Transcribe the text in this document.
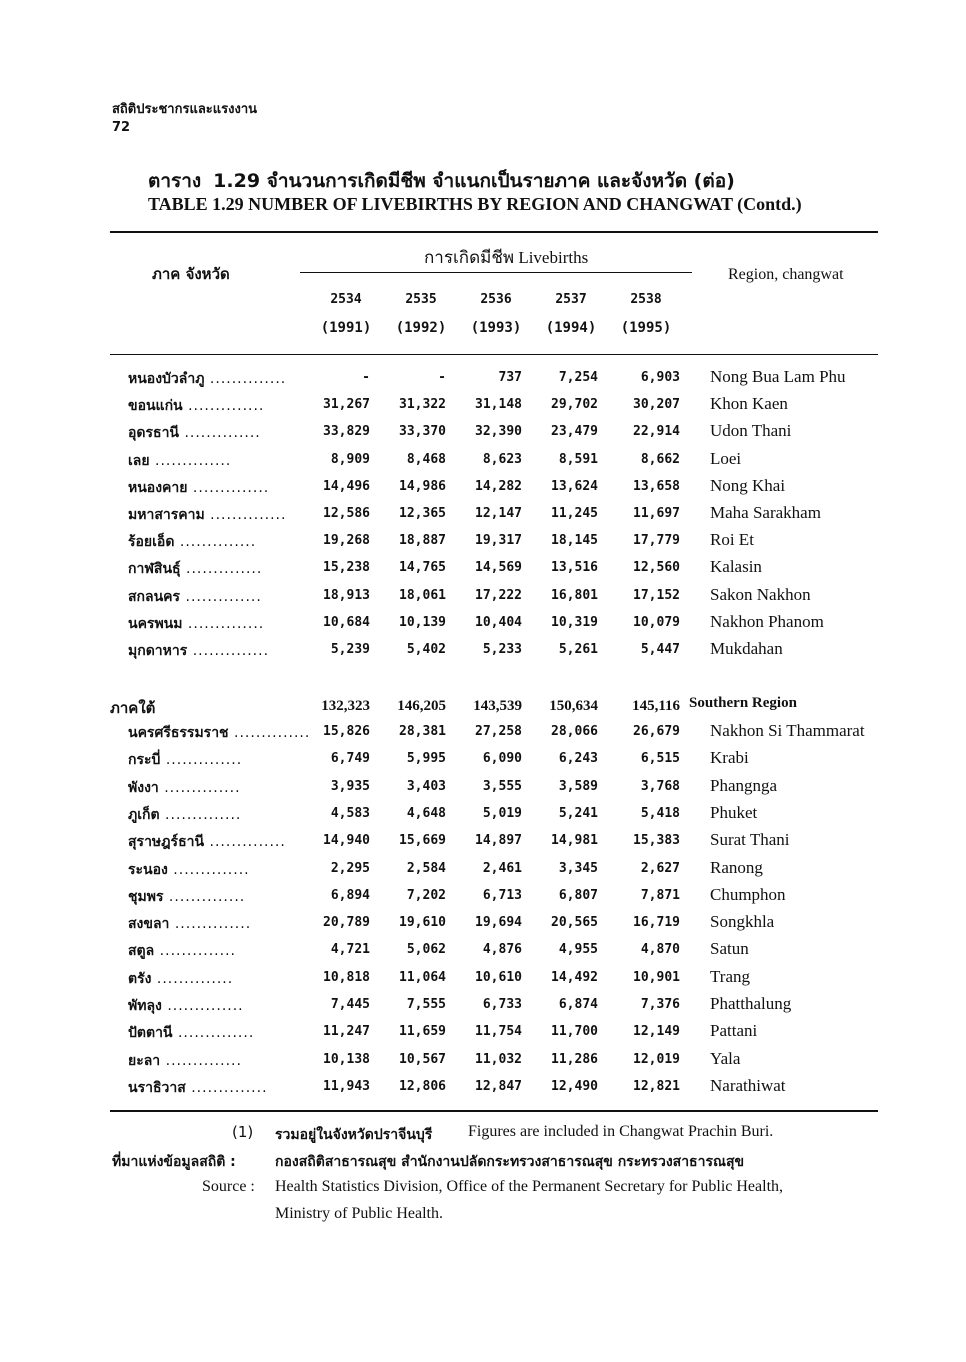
สถิติประชากรและแรงงาน
72
ตาราง 1.29 จำนวนการเกิดมีชีพ จำแนกเป็นรายภาค และจังหวัด (ต่อ)
TABLE 1.29 NUMBER OF LIVEBIRTHS BY REGION AND CHANGWAT (Contd.)
ภาค จังหวัด
การเกิดมีชีพ Livebirths
Region, changwat
2534	2535	2536	2537	2538
(1991)	(1992)	(1993)	(1994)	(1995)
หนองบัวลำภู ..............	-	-	737	7,254	6,903 Nong Bua Lam Phu
ขอนแก่น ..............	31,267	31,322	31,148	29,702	30,207 Khon Kaen
อุดรธานี ..............	33,829	33,370	32,390	23,479	22,914 Udon Thani
เลย ..............	8,909	8,468	8,623	8,591	8,662 Loei
หนองคาย ..............	14,496	14,986	14,282	13,624	13,658 Nong Khai
มหาสารคาม ..............	12,586	12,365	12,147	11,245	11,697 Maha Sarakham
ร้อยเอ็ด ..............	19,268	18,887	19,317	18,145	17,779 Roi Et
กาฬสินธุ์ ..............	15,238	14,765	14,569	13,516	12,560 Kalasin
สกลนคร ..............	18,913	18,061	17,222	16,801	17,152 Sakon Nakhon
นครพนม ..............	10,684	10,139	10,404	10,319	10,079 Nakhon Phanom
มุกดาหาร ..............	5,239	5,402	5,233	5,261	5,447 Mukdahan
ภาคใต้	132,323	146,205	143,539	150,634	145,116 Southern Region
นครศรีธรรมราช .............. 15,826	28,381	27,258	28,066	26,679 Nakhon Si Thammarat
กระบี่ ..............	6,749	5,995	6,090	6,243	6,515 Krabi
พังงา ..............	3,935	3,403	3,555	3,589	3,768 Phangnga
ภูเก็ต ..............	4,583	4,648	5,019	5,241	5,418 Phuket
สุราษฎร์ธานี ..............	14,940	15,669	14,897	14,981	15,383 Surat Thani
ระนอง ..............	2,295	2,584	2,461	3,345	2,627 Ranong
ชุมพร ..............	6,894	7,202	6,713	6,807	7,871 Chumphon
สงขลา ..............	20,789	19,610	19,694	20,565	16,719 Songkhla
สตูล ..............	4,721	5,062	4,876	4,955	4,870 Satun
ตรัง ..............	10,818	11,064	10,610	14,492	10,901 Trang
พัทลุง ..............	7,445	7,555	6,733	6,874	7,376 Phatthalung
ปัตตานี ..............	11,247	11,659	11,754	11,700	12,149 Pattani
ยะลา ..............	10,138	10,567	11,032	11,286	12,019 Yala
นราธิวาส ..............	11,943	12,806	12,847	12,490	12,821 Narathiwat
(1) รวมอยู่ในจังหวัดปราจีนบุรี Figures are included in Changwat Prachin Buri.
ที่มาแห่งข้อมูลสถิติ :	กองสถิติสาธารณสุข สำนักงานปลัดกระทรวงสาธารณสุข กระทรวงสาธารณสุข
Source : Health Statistics Division, Office of the Permanent Secretary for Public Health,
Ministry of Public Health.
